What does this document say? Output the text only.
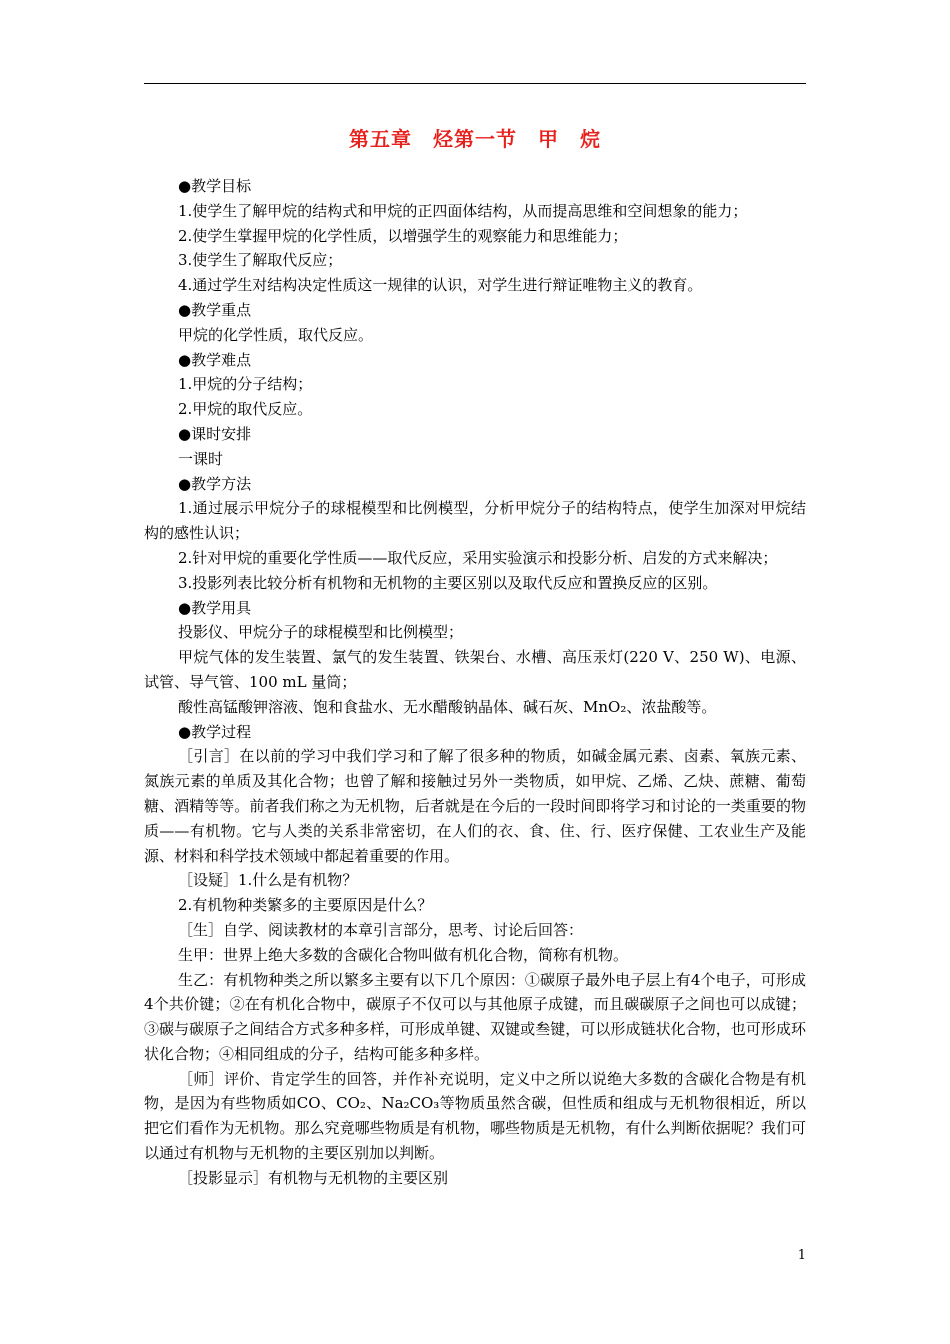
第五章　烃第一节　甲　烷

●教学目标

1.使学生了解甲烷的结构式和甲烷的正四面体结构，从而提高思维和空间想象的能力；

2.使学生掌握甲烷的化学性质，以增强学生的观察能力和思维能力；

3.使学生了解取代反应；

4.通过学生对结构决定性质这一规律的认识，对学生进行辩证唯物主义的教育。

●教学重点

甲烷的化学性质，取代反应。

●教学难点

1.甲烷的分子结构；

2.甲烷的取代反应。

●课时安排

一课时

●教学方法

1.通过展示甲烷分子的球棍模型和比例模型，分析甲烷分子的结构特点，使学生加深对甲烷结构的感性认识；

2.针对甲烷的重要化学性质——取代反应，采用实验演示和投影分析、启发的方式来解决；

3.投影列表比较分析有机物和无机物的主要区别以及取代反应和置换反应的区别。

●教学用具

投影仪、甲烷分子的球棍模型和比例模型；

甲烷气体的发生装置、氯气的发生装置、铁架台、水槽、高压汞灯(220 V、250 W)、电源、试管、导气管、100 mL 量筒；

酸性高锰酸钾溶液、饱和食盐水、无水醋酸钠晶体、碱石灰、MnO₂、浓盐酸等。

●教学过程

［引言］在以前的学习中我们学习和了解了很多种的物质，如碱金属元素、卤素、氧族元素、氮族元素的单质及其化合物；也曾了解和接触过另外一类物质，如甲烷、乙烯、乙炔、蔗糖、葡萄糖、酒精等等。前者我们称之为无机物，后者就是在今后的一段时间即将学习和讨论的一类重要的物质——有机物。它与人类的关系非常密切，在人们的衣、食、住、行、医疗保健、工农业生产及能源、材料和科学技术领域中都起着重要的作用。

［设疑］1.什么是有机物？

2.有机物种类繁多的主要原因是什么？

［生］自学、阅读教材的本章引言部分，思考、讨论后回答：

生甲：世界上绝大多数的含碳化合物叫做有机化合物，简称有机物。

生乙：有机物种类之所以繁多主要有以下几个原因：①碳原子最外电子层上有4个电子，可形成4个共价键；②在有机化合物中，碳原子不仅可以与其他原子成键，而且碳碳原子之间也可以成键；③碳与碳原子之间结合方式多种多样，可形成单键、双键或叁键，可以形成链状化合物，也可形成环状化合物；④相同组成的分子，结构可能多种多样。

［师］评价、肯定学生的回答，并作补充说明，定义中之所以说绝大多数的含碳化合物是有机物，是因为有些物质如CO、CO₂、Na₂CO₃等物质虽然含碳，但性质和组成与无机物很相近，所以把它们看作为无机物。那么究竟哪些物质是有机物，哪些物质是无机物，有什么判断依据呢？我们可以通过有机物与无机物的主要区别加以判断。

［投影显示］有机物与无机物的主要区别

1
